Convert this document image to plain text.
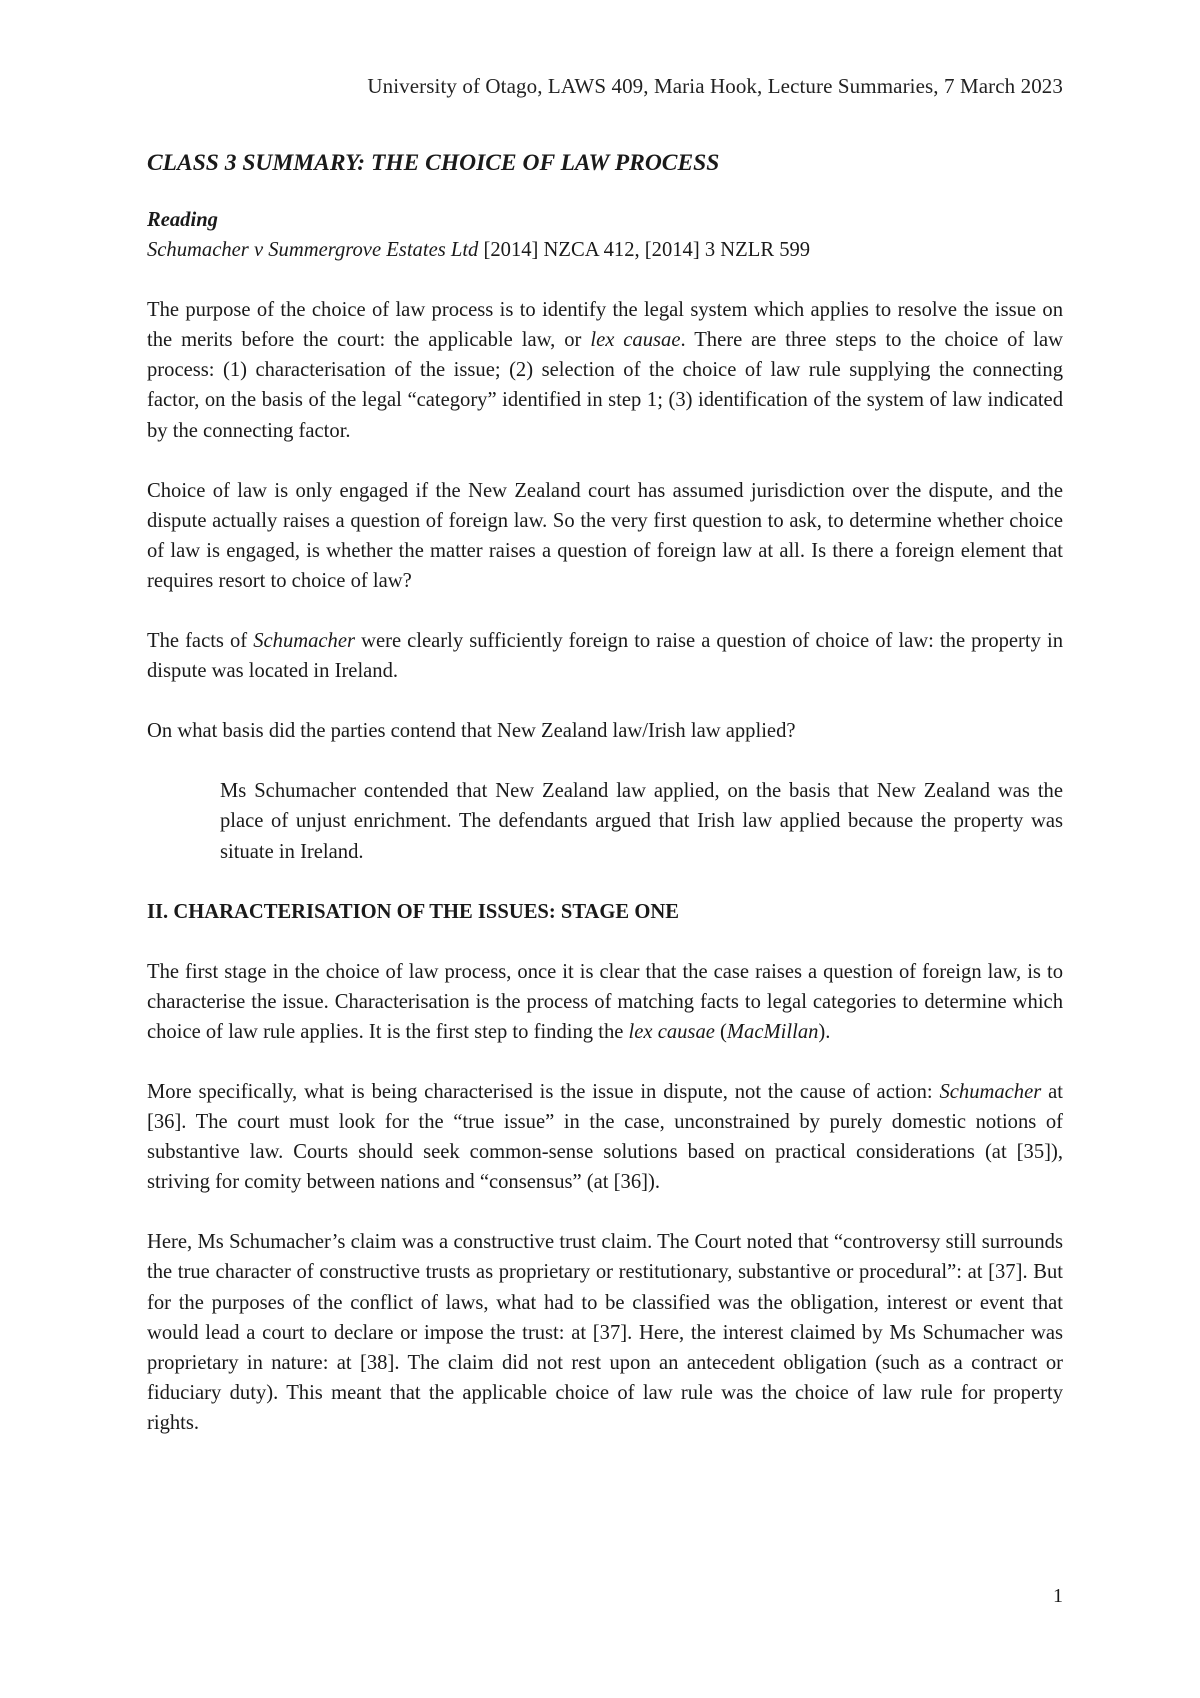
University of Otago, LAWS 409, Maria Hook, Lecture Summaries, 7 March 2023
CLASS 3 SUMMARY: THE CHOICE OF LAW PROCESS

Reading

Schumacher v Summergrove Estates Ltd [2014] NZCA 412, [2014] 3 NZLR 599

The purpose of the choice of law process is to identify the legal system which applies to resolve the issue on the merits before the court: the applicable law, or lex causae. There are three steps to the choice of law process: (1) characterisation of the issue; (2) selection of the choice of law rule supplying the connecting factor, on the basis of the legal “category” identified in step 1; (3) identification of the system of law indicated by the connecting factor.

Choice of law is only engaged if the New Zealand court has assumed jurisdiction over the dispute, and the dispute actually raises a question of foreign law. So the very first question to ask, to determine whether choice of law is engaged, is whether the matter raises a question of foreign law at all. Is there a foreign element that requires resort to choice of law?

The facts of Schumacher were clearly sufficiently foreign to raise a question of choice of law: the property in dispute was located in Ireland.

On what basis did the parties contend that New Zealand law/Irish law applied?

Ms Schumacher contended that New Zealand law applied, on the basis that New Zealand was the place of unjust enrichment. The defendants argued that Irish law applied because the property was situate in Ireland.

II. CHARACTERISATION OF THE ISSUES: STAGE ONE

The first stage in the choice of law process, once it is clear that the case raises a question of foreign law, is to characterise the issue. Characterisation is the process of matching facts to legal categories to determine which choice of law rule applies. It is the first step to finding the lex causae (MacMillan).

More specifically, what is being characterised is the issue in dispute, not the cause of action: Schumacher at [36]. The court must look for the “true issue” in the case, unconstrained by purely domestic notions of substantive law. Courts should seek common-sense solutions based on practical considerations (at [35]), striving for comity between nations and “consensus” (at [36]).

Here, Ms Schumacher’s claim was a constructive trust claim. The Court noted that “controversy still surrounds the true character of constructive trusts as proprietary or restitutionary, substantive or procedural”: at [37]. But for the purposes of the conflict of laws, what had to be classified was the obligation, interest or event that would lead a court to declare or impose the trust: at [37]. Here, the interest claimed by Ms Schumacher was proprietary in nature: at [38]. The claim did not rest upon an antecedent obligation (such as a contract or fiduciary duty). This meant that the applicable choice of law rule was the choice of law rule for property rights.

1
